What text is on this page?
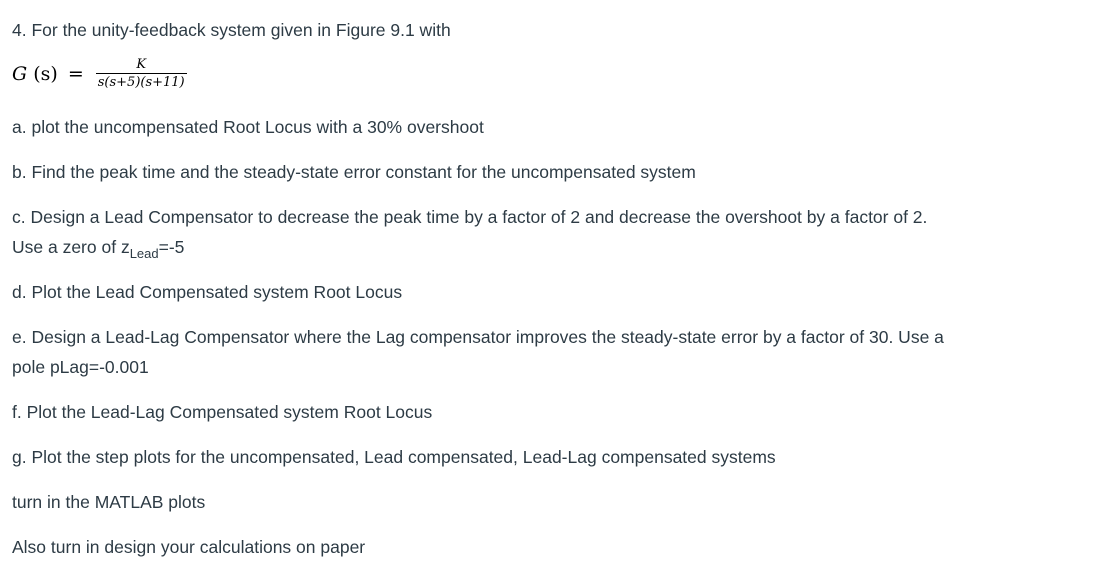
4. For the unity-feedback system given in Figure 9.1 with
G $(s) = \frac{K}{s(s+5)(s+11)}$
a. plot the uncompensated Root Locus with a 30% overshoot
b. Find the peak time and the steady-state error constant for the uncompensated system
c. Design a Lead Compensator to decrease the peak time by a factor of 2 and decrease the overshoot by a factor of 2.
Use a zero of $z_{Lead}=-5$
d. Plot the Lead Compensated system Root Locus
e. Design a Lead-Lag Compensator where the Lag compensator improves the steady-state error by a factor of 30. Use a
pole pLag=-0.001
f. Plot the Lead-Lag Compensated system Root Locus
g. Plot the step plots for the uncompensated, Lead compensated, Lead-Lag compensated systems
turn in the MATLAB plots
Also turn in design your calculations on paper
